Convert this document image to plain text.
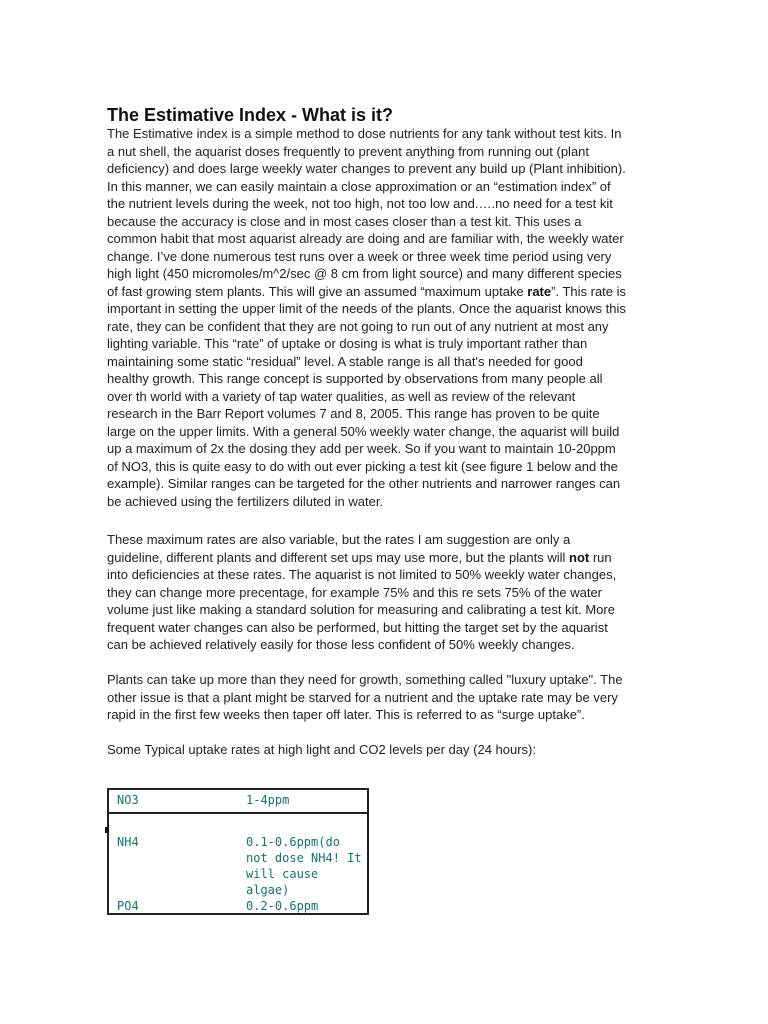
The Estimative Index - What is it?
The Estimative index is a simple method to dose nutrients for any tank without test kits. In
a nut shell, the aquarist doses frequently to prevent anything from running out (plant
deficiency) and does large weekly water changes to prevent any build up (Plant inhibition).
In this manner, we can easily maintain a close approximation or an “estimation index” of
the nutrient levels during the week, not too high, not too low and.….no need for a test kit
because the accuracy is close and in most cases closer than a test kit. This uses a
common habit that most aquarist already are doing and are familiar with, the weekly water
change. I’ve done numerous test runs over a week or three week time period using very
high light (450 micromoles/m^2/sec @ 8 cm from light source) and many different species
of fast growing stem plants. This will give an assumed “maximum uptake rate”. This rate is
important in setting the upper limit of the needs of the plants. Once the aquarist knows this
rate, they can be confident that they are not going to run out of any nutrient at most any
lighting variable. This “rate” of uptake or dosing is what is truly important rather than
maintaining some static “residual” level. A stable range is all that's needed for good
healthy growth. This range concept is supported by observations from many people all
over th world with a variety of tap water qualities, as well as review of the relevant
research in the Barr Report volumes 7 and 8, 2005. This range has proven to be quite
large on the upper limits. With a general 50% weekly water change, the aquarist will build
up a maximum of 2x the dosing they add per week. So if you want to maintain 10-20ppm
of NO3, this is quite easy to do with out ever picking a test kit (see figure 1 below and the
example). Similar ranges can be targeted for the other nutrients and narrower ranges can
be achieved using the fertilizers diluted in water.
These maximum rates are also variable, but the rates I am suggestion are only a
guideline, different plants and different set ups may use more, but the plants will not run
into deficiencies at these rates. The aquarist is not limited to 50% weekly water changes,
they can change more precentage, for example 75% and this re sets 75% of the water
volume just like making a standard solution for measuring and calibrating a test kit. More
frequent water changes can also be performed, but hitting the target set by the aquarist
can be achieved relatively easily for those less confident of 50% weekly changes.
Plants can take up more than they need for growth, something called "luxury uptake". The
other issue is that a plant might be starved for a nutrient and the uptake rate may be very
rapid in the first few weeks then taper off later. This is referred to as “surge uptake”.
Some Typical uptake rates at high light and CO2 levels per day (24 hours):
NO3	1-4ppm
NH4	0.1-0.6ppm(do
not dose NH4! It
will cause
algae)
PO4	0.2-0.6ppm
